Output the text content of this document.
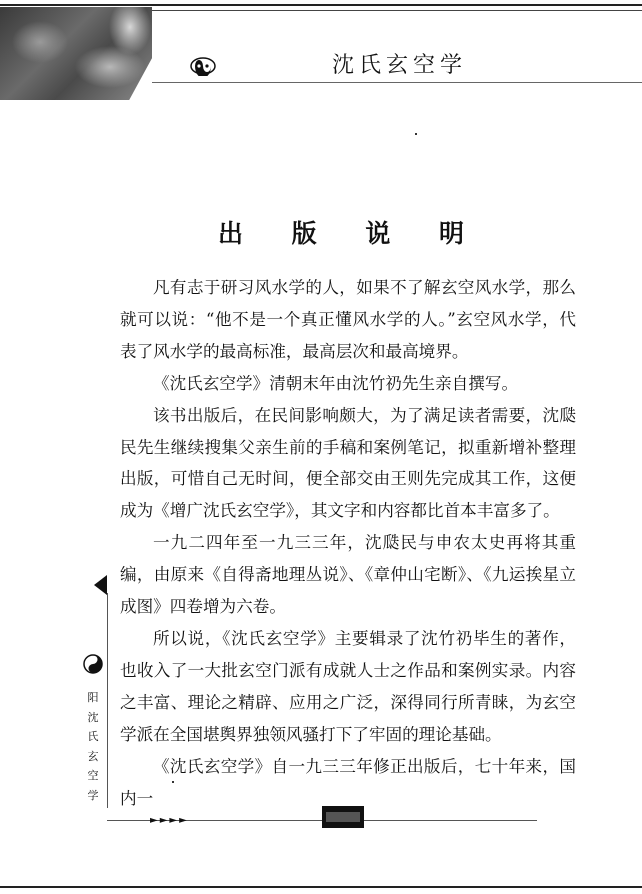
沈氏玄空学
出 版 说 明

凡有志于研习风水学的人，如果不了解玄空风水学，那么就可以说：“他不是一个真正懂风水学的人。”玄空风水学，代表了风水学的最高标准，最高层次和最高境界。

《沈氏玄空学》清朝末年由沈竹礽先生亲自撰写。

该书出版后，在民间影响颇大，为了满足读者需要，沈瓞民先生继续搜集父亲生前的手稿和案例笔记，拟重新增补整理出版，可惜自己无时间，便全部交由王则先完成其工作，这便成为《增广沈氏玄空学》，其文字和内容都比首本丰富多了。

一九二四年至一九三三年，沈瓞民与申农太史再将其重编，由原来《自得斋地理丛说》、《章仲山宅断》、《九运挨星立成图》四卷增为六卷。

所以说，《沈氏玄空学》主要辑录了沈竹礽毕生的著作，也收入了一大批玄空门派有成就人士之作品和案例实录。内容之丰富、理论之精辟、应用之广泛，深得同行所青睐，为玄空学派在全国堪舆界独领风骚打下了牢固的理论基础。

《沈氏玄空学》自一九三三年修正出版后，七十年来，国内一

阳
沈
氏
玄
空
学
►►►►
